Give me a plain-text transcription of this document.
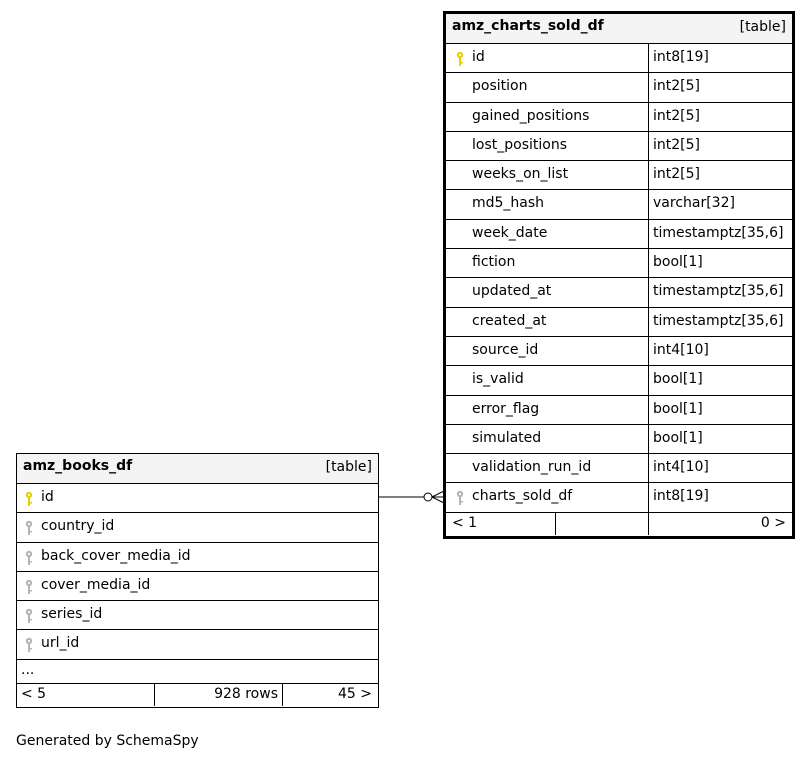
amz_charts_sold_df	[table]
id	int8[19]
position	int2[5]
gained_positions	int2[5]
lost_positions	int2[5]
weeks_on_list	int2[5]
md5_hash	varchar[32]
week_date	timestamptz[35,6]
fiction	bool[1]
updated_at	timestamptz[35,6]
created_at	timestamptz[35,6]
source_id	int4[10]
is_valid	bool[1]
error_flag	bool[1]
simulated	bool[1]
validation_run_id	int4[10]
charts_sold_df	int8[19]
< 1	0 >
amz_books_df	[table]
id
country_id
back_cover_media_id
cover_media_id
series_id
url_id
...
< 5	928 rows	45 >
Generated by SchemaSpy
